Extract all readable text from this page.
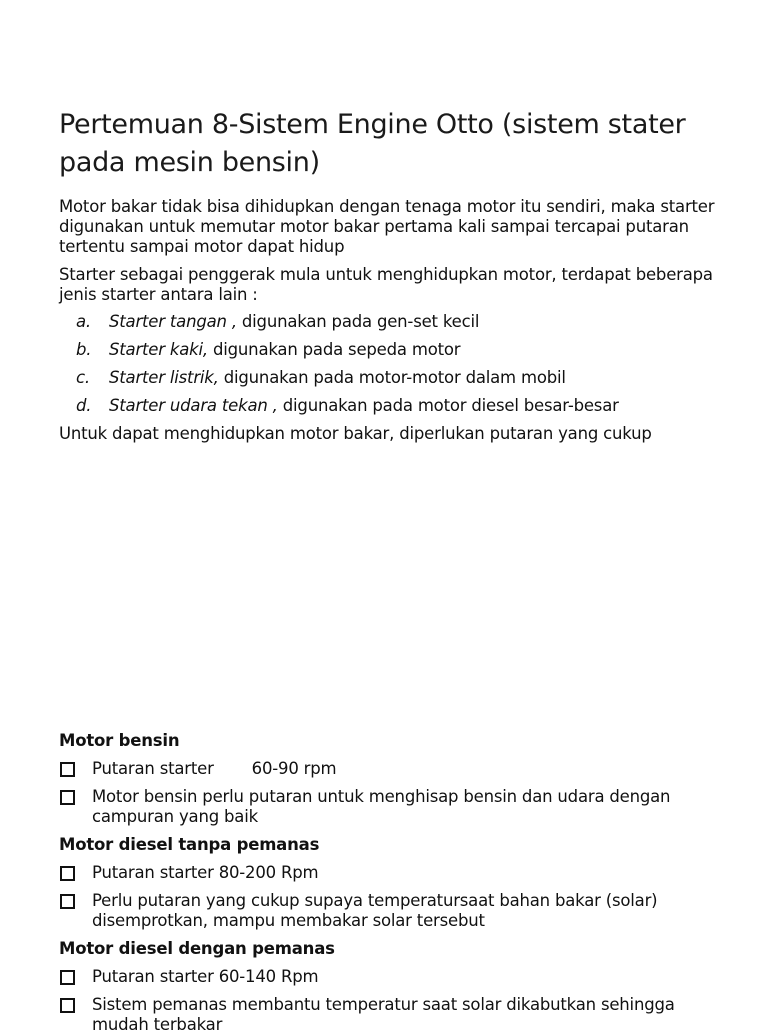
Pertemuan 8-Sistem Engine Otto (sistem stater pada mesin bensin)

Motor bakar tidak bisa dihidupkan dengan tenaga motor itu sendiri, maka starter digunakan untuk memutar motor bakar pertama kali sampai tercapai putaran tertentu sampai motor dapat hidup

Starter sebagai penggerak mula untuk menghidupkan motor, terdapat beberapa jenis starter antara lain :

a. Starter tangan , digunakan pada gen-set kecil
b. Starter kaki, digunakan pada sepeda motor
c. Starter listrik, digunakan pada motor-motor dalam mobil
d. Starter udara tekan , digunakan pada motor diesel besar-besar

Untuk dapat menghidupkan motor bakar, diperlukan putaran yang cukup

Motor bensin

Putaran starter 60-90 rpm
Motor bensin perlu putaran untuk menghisap bensin dan udara dengan campuran yang baik

Motor diesel tanpa pemanas

Putaran starter 80-200 Rpm
Perlu putaran yang cukup supaya temperatursaat bahan bakar (solar) disemprotkan, mampu membakar solar tersebut

Motor diesel dengan pemanas

Putaran starter 60-140 Rpm
Sistem pemanas membantu temperatur saat solar dikabutkan sehingga mudah terbakar
